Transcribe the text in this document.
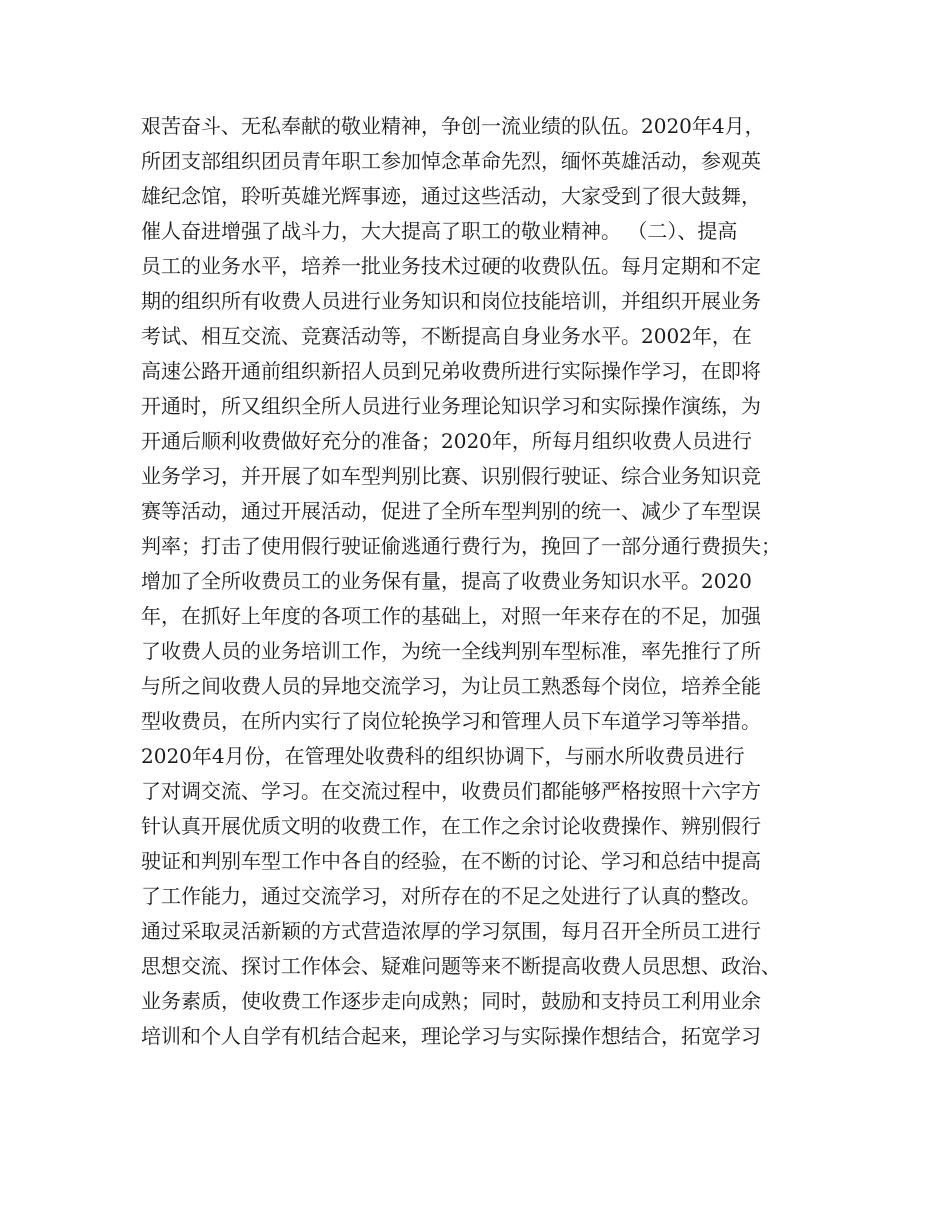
艰苦奋斗、无私奉献的敬业精神，争创一流业绩的队伍。2020年4月，
所团支部组织团员青年职工参加悼念革命先烈，缅怀英雄活动，参观英
雄纪念馆，聆听英雄光辉事迹，通过这些活动，大家受到了很大鼓舞，
催人奋进增强了战斗力，大大提高了职工的敬业精神。 （二）、提高
员工的业务水平，培养一批业务技术过硬的收费队伍。每月定期和不定
期的组织所有收费人员进行业务知识和岗位技能培训，并组织开展业务
考试、相互交流、竞赛活动等，不断提高自身业务水平。2002年，在
高速公路开通前组织新招人员到兄弟收费所进行实际操作学习，在即将
开通时，所又组织全所人员进行业务理论知识学习和实际操作演练，为
开通后顺利收费做好充分的准备；2020年，所每月组织收费人员进行
业务学习，并开展了如车型判别比赛、识别假行驶证、综合业务知识竞
赛等活动，通过开展活动，促进了全所车型判别的统一、减少了车型误
判率；打击了使用假行驶证偷逃通行费行为，挽回了一部分通行费损失；
增加了全所收费员工的业务保有量，提高了收费业务知识水平。2020
年，在抓好上年度的各项工作的基础上，对照一年来存在的不足，加强
了收费人员的业务培训工作，为统一全线判别车型标准，率先推行了所
与所之间收费人员的异地交流学习，为让员工熟悉每个岗位，培养全能
型收费员，在所内实行了岗位轮换学习和管理人员下车道学习等举措。
2020年4月份，在管理处收费科的组织协调下，与丽水所收费员进行
了对调交流、学习。在交流过程中，收费员们都能够严格按照十六字方
针认真开展优质文明的收费工作，在工作之余讨论收费操作、辨别假行
驶证和判别车型工作中各自的经验，在不断的讨论、学习和总结中提高
了工作能力，通过交流学习，对所存在的不足之处进行了认真的整改。
通过采取灵活新颖的方式营造浓厚的学习氛围，每月召开全所员工进行
思想交流、探讨工作体会、疑难问题等来不断提高收费人员思想、政治、
业务素质，使收费工作逐步走向成熟；同时，鼓励和支持员工利用业余
培训和个人自学有机结合起来，理论学习与实际操作想结合，拓宽学习
